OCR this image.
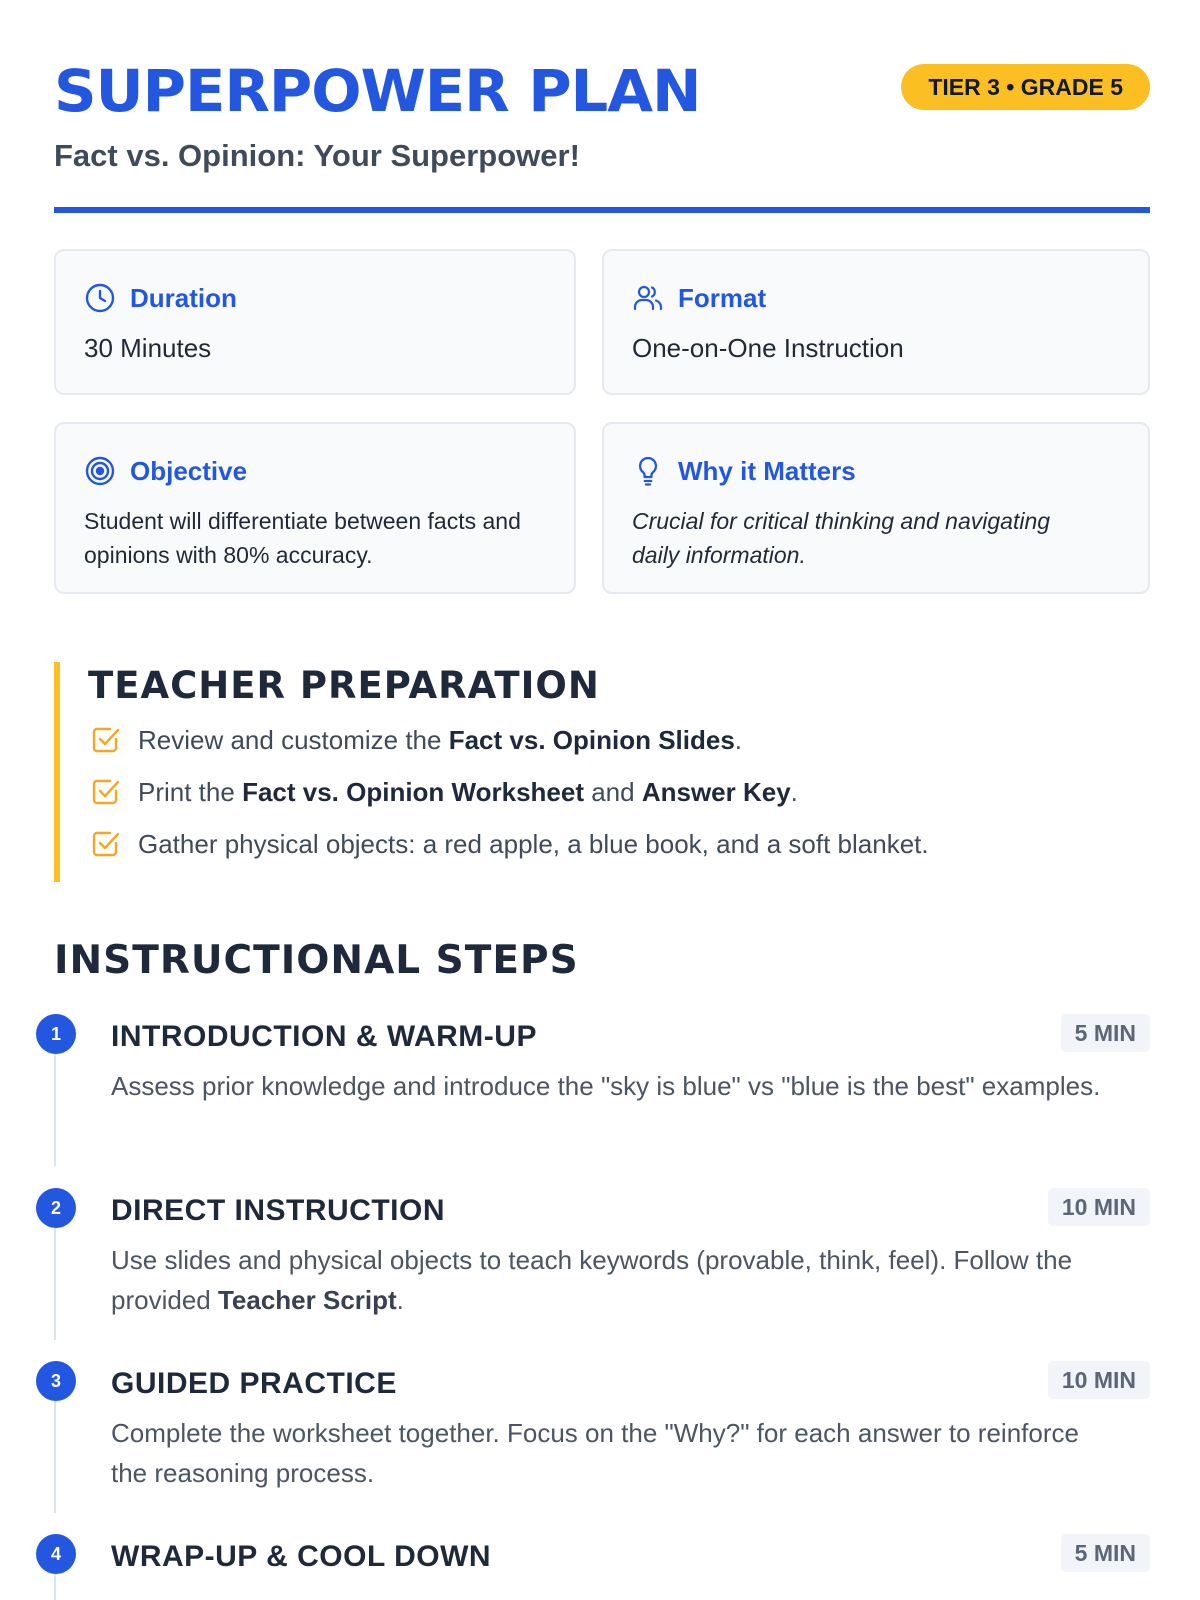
SUPERPOWER PLAN	TIER 3 • GRADE 5
Fact vs. Opinion: Your Superpower!
Duration
30 Minutes
Format
One-on-One Instruction
Objective
Student will differentiate between facts and opinions with 80% accuracy.
Why it Matters
Crucial for critical thinking and navigating daily information.
TEACHER PREPARATION
Review and customize the Fact vs. Opinion Slides.
Print the Fact vs. Opinion Worksheet and Answer Key.
Gather physical objects: a red apple, a blue book, and a soft blanket.
INSTRUCTIONAL STEPS
1	INTRODUCTION & WARM-UP	5 MIN
Assess prior knowledge and introduce the "sky is blue" vs "blue is the best" examples.
2	DIRECT INSTRUCTION	10 MIN
Use slides and physical objects to teach keywords (provable, think, feel). Follow the provided Teacher Script.
3	GUIDED PRACTICE	10 MIN
Complete the worksheet together. Focus on the "Why?" for each answer to reinforce the reasoning process.
4	WRAP-UP & COOL DOWN	5 MIN
